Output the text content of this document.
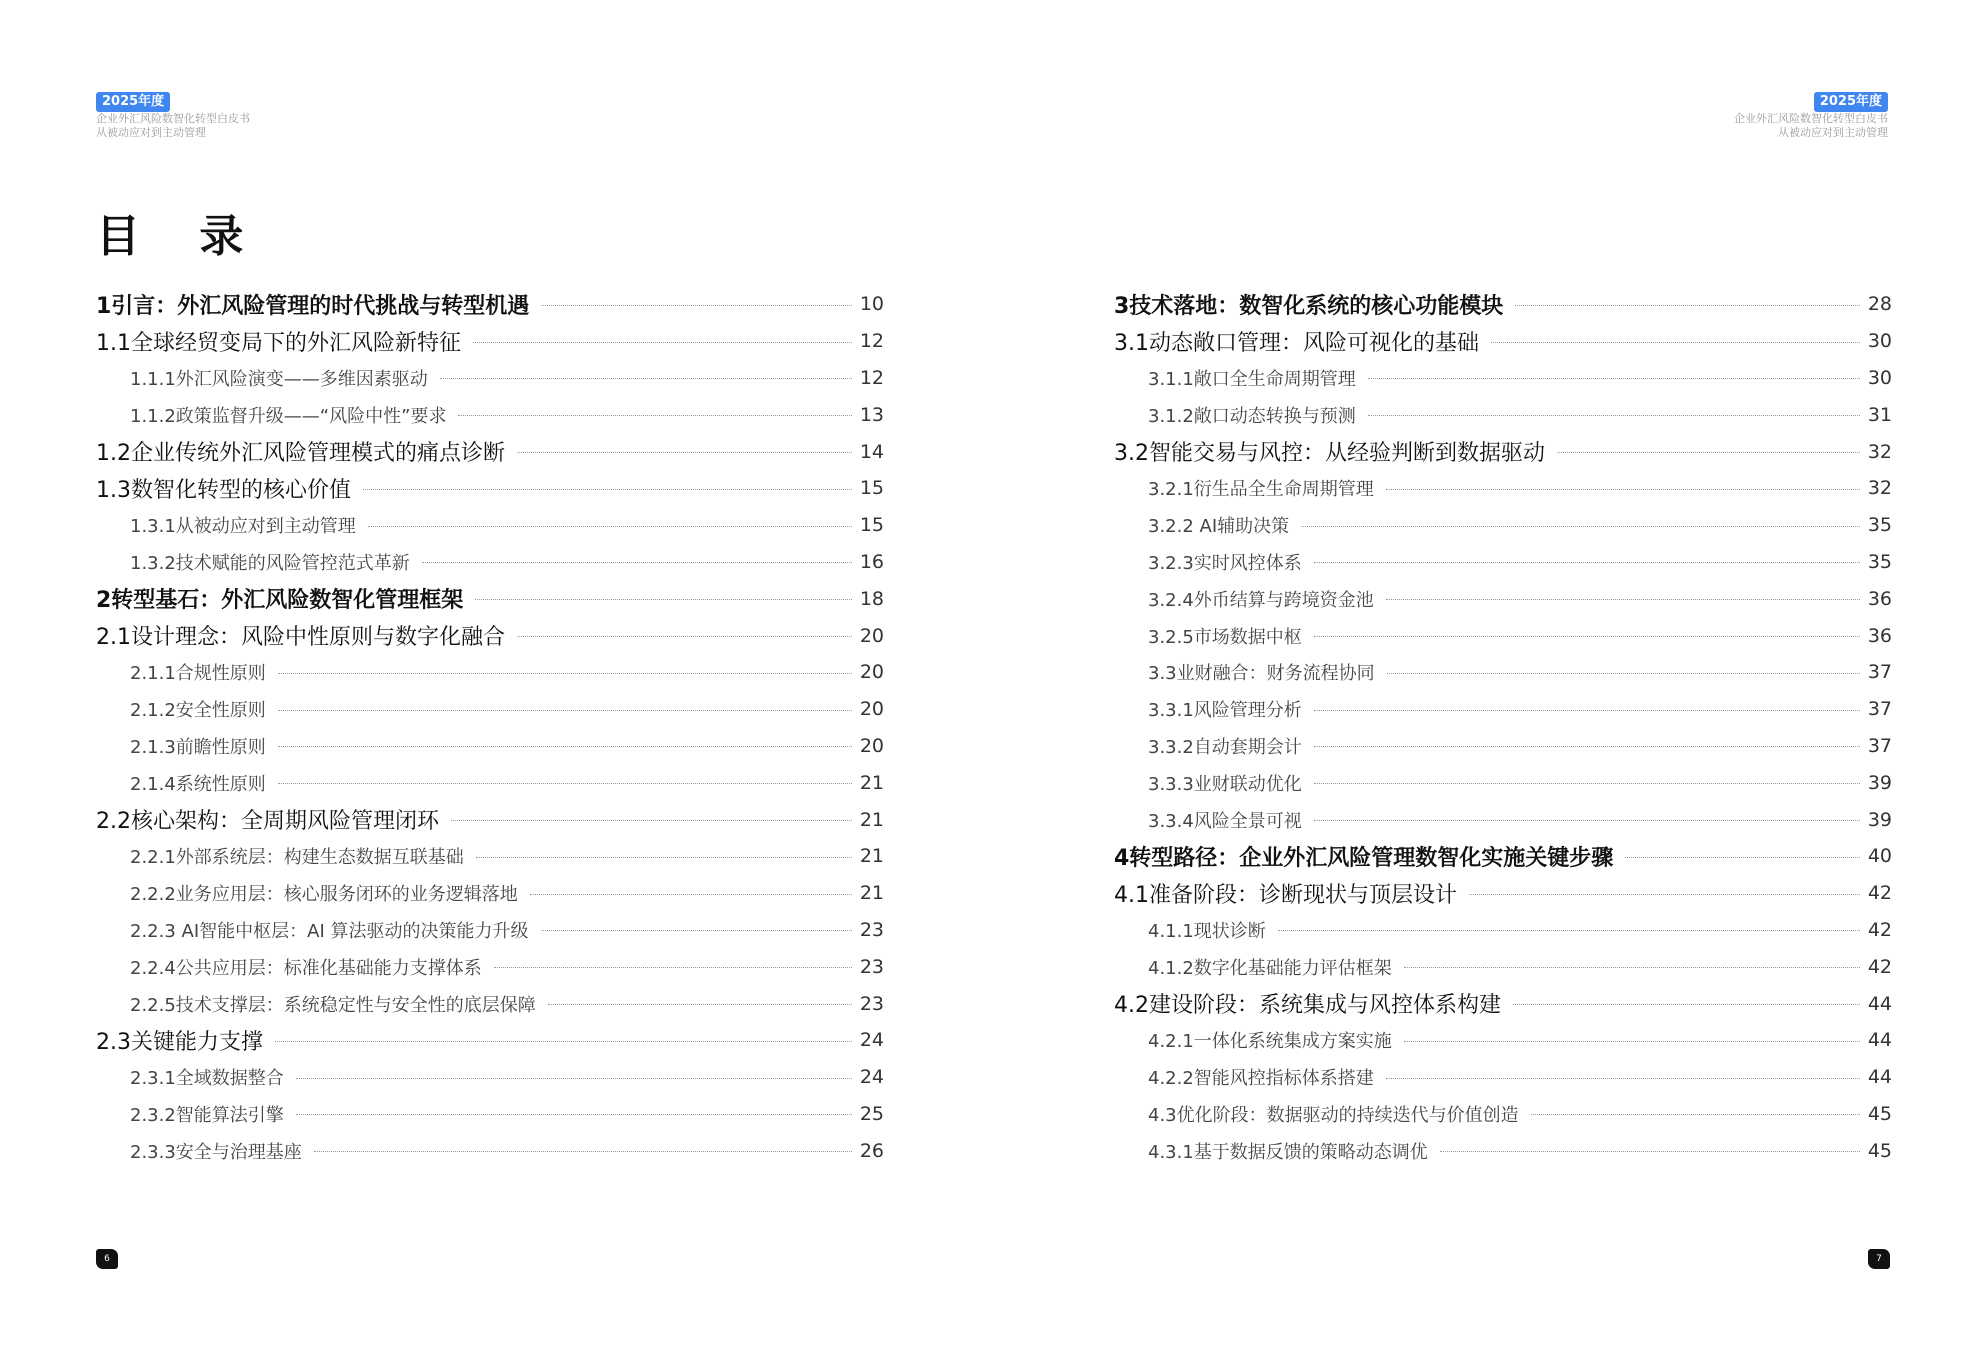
2025年度
企业外汇风险数智化转型白皮书
从被动应对到主动管理
2025年度
企业外汇风险数智化转型白皮书
从被动应对到主动管理
目 录
1引言：外汇风险管理的时代挑战与转型机遇	10
1.1全球经贸变局下的外汇风险新特征	12
1.1.1外汇风险演变——多维因素驱动	12
1.1.2政策监督升级——“风险中性”要求	13
1.2企业传统外汇风险管理模式的痛点诊断	14
1.3数智化转型的核心价值	15
1.3.1从被动应对到主动管理	15
1.3.2技术赋能的风险管控范式革新	16
2转型基石：外汇风险数智化管理框架	18
2.1设计理念：风险中性原则与数字化融合	20
2.1.1合规性原则	20
2.1.2安全性原则	20
2.1.3前瞻性原则	20
2.1.4系统性原则	21
2.2核心架构：全周期风险管理闭环	21
2.2.1外部系统层：构建生态数据互联基础	21
2.2.2业务应用层：核心服务闭环的业务逻辑落地	21
2.2.3 AI智能中枢层：AI 算法驱动的决策能力升级	23
2.2.4公共应用层：标准化基础能力支撑体系	23
2.2.5技术支撑层：系统稳定性与安全性的底层保障	23
2.3关键能力支撑	24
2.3.1全域数据整合	24
2.3.2智能算法引擎	25
2.3.3安全与治理基座	26
3技术落地：数智化系统的核心功能模块	28
3.1动态敞口管理：风险可视化的基础	30
3.1.1敞口全生命周期管理	30
3.1.2敞口动态转换与预测	31
3.2智能交易与风控：从经验判断到数据驱动	32
3.2.1衍生品全生命周期管理	32
3.2.2 AI辅助决策	35
3.2.3实时风控体系	35
3.2.4外币结算与跨境资金池	36
3.2.5市场数据中枢	36
3.3业财融合：财务流程协同	37
3.3.1风险管理分析	37
3.3.2自动套期会计	37
3.3.3业财联动优化	39
3.3.4风险全景可视	39
4转型路径：企业外汇风险管理数智化实施关键步骤	40
4.1准备阶段：诊断现状与顶层设计	42
4.1.1现状诊断	42
4.1.2数字化基础能力评估框架	42
4.2建设阶段：系统集成与风控体系构建	44
4.2.1一体化系统集成方案实施	44
4.2.2智能风控指标体系搭建	44
4.3优化阶段：数据驱动的持续迭代与价值创造	45
4.3.1基于数据反馈的策略动态调优	45
6	7
